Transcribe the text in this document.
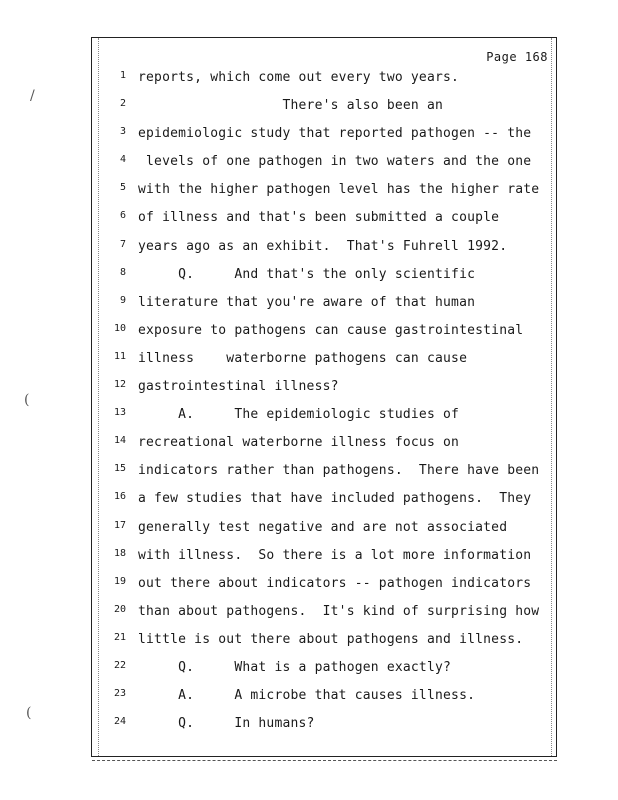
/
(
(
Page 168
1
2
3
4
5
6
7
8
9
10
11
12
13
14
15
16
17
18
19
20
21
22
23
24
reports, which come out every two years.
There's also been an
epidemiologic study that reported pathogen -- the
levels of one pathogen in two waters and the one
with the higher pathogen level has the higher rate
of illness and that's been submitted a couple
years ago as an exhibit.  That's Fuhrell 1992.
Q.     And that's the only scientific
literature that you're aware of that human
exposure to pathogens can cause gastrointestinal
illness    waterborne pathogens can cause
gastrointestinal illness?
A.     The epidemiologic studies of
recreational waterborne illness focus on
indicators rather than pathogens.  There have been
a few studies that have included pathogens.  They
generally test negative and are not associated
with illness.  So there is a lot more information
out there about indicators -- pathogen indicators
than about pathogens.  It's kind of surprising how
little is out there about pathogens and illness.
Q.     What is a pathogen exactly?
A.     A microbe that causes illness.
Q.     In humans?
